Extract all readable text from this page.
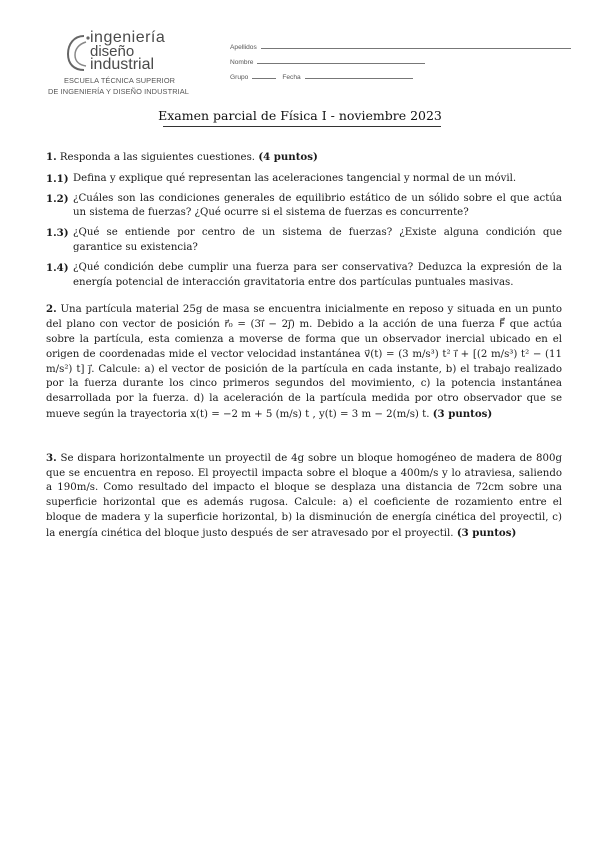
ingeniería
diseño
industrial
ESCUELA TÉCNICA SUPERIOR
DE INGENIERÍA Y DISEÑO INDUSTRIAL
Apellidos
Nombre
Grupo	Fecha
Examen parcial de Física I - noviembre 2023
1. Responda a las siguientes cuestiones. (4 puntos)
1.1) Defina y explique qué representan las aceleraciones tangencial y normal de un móvil.
1.2) ¿Cuáles son las condiciones generales de equilibrio estático de un sólido sobre el que actúa un sistema de fuerzas? ¿Qué ocurre si el sistema de fuerzas es concurrente?
1.3) ¿Qué se entiende por centro de un sistema de fuerzas? ¿Existe alguna condición que garantice su existencia?
1.4) ¿Qué condición debe cumplir una fuerza para ser conservativa? Deduzca la expresión de la energía potencial de interacción gravitatoria entre dos partículas puntuales masivas.
2. Una partícula material 25g de masa se encuentra inicialmente en reposo y situada en un punto del plano con vector de posición r⃗₀ = (3i⃗ − 2j⃗) m. Debido a la acción de una fuerza F⃗ que actúa sobre la partícula, esta comienza a moverse de forma que un observador inercial ubicado en el origen de coordenadas mide el vector velocidad instantánea v⃗(t) = (3 m/s³) t² i⃗ + [(2 m/s³) t² − (11 m/s²) t] j⃗. Calcule: a) el vector de posición de la partícula en cada instante, b) el trabajo realizado por la fuerza durante los cinco primeros segundos del movimiento, c) la potencia instantánea desarrollada por la fuerza. d) la aceleración de la partícula medida por otro observador que se mueve según la trayectoria x(t) = −2 m + 5 (m/s) t , y(t) = 3 m − 2(m/s) t. (3 puntos)
3. Se dispara horizontalmente un proyectil de 4g sobre un bloque homogéneo de madera de 800g que se encuentra en reposo. El proyectil impacta sobre el bloque a 400m/s y lo atraviesa, saliendo a 190m/s. Como resultado del impacto el bloque se desplaza una distancia de 72cm sobre una superficie horizontal que es además rugosa. Calcule: a) el coeficiente de rozamiento entre el bloque de madera y la superficie horizontal, b) la disminución de energía cinética del proyectil, c) la energía cinética del bloque justo después de ser atravesado por el proyectil. (3 puntos)
